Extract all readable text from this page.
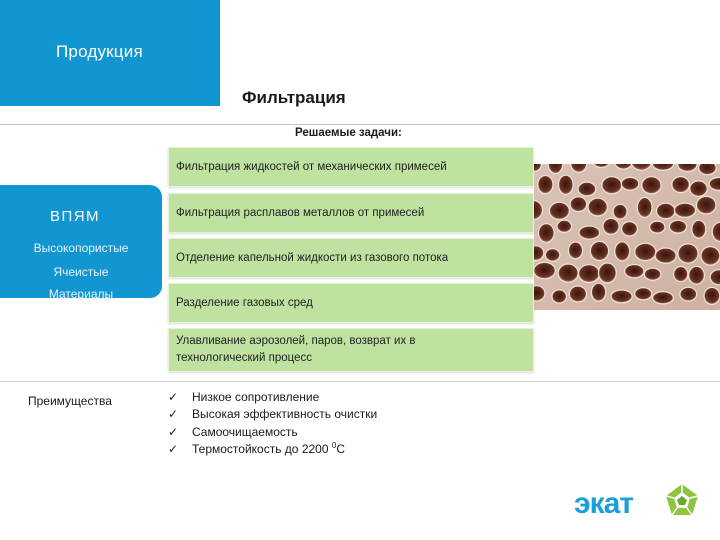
Продукция
Фильтрация
Решаемые задачи:
Фильтрация жидкостей от механических примесей
Фильтрация расплавов металлов от примесей
Отделение капельной жидкости из газового потока
Разделение газовых сред
Улавливание аэрозолей, паров, возврат их в
технологический процесс
ВПЯМ
Высокопористые
Ячеистые
Материалы
Преимущества	✓	Низкое сопротивление
✓	Высокая эффективность очистки
✓	Самоочищаемость
✓	Термостойкость до 2200 $^0$С
экат
